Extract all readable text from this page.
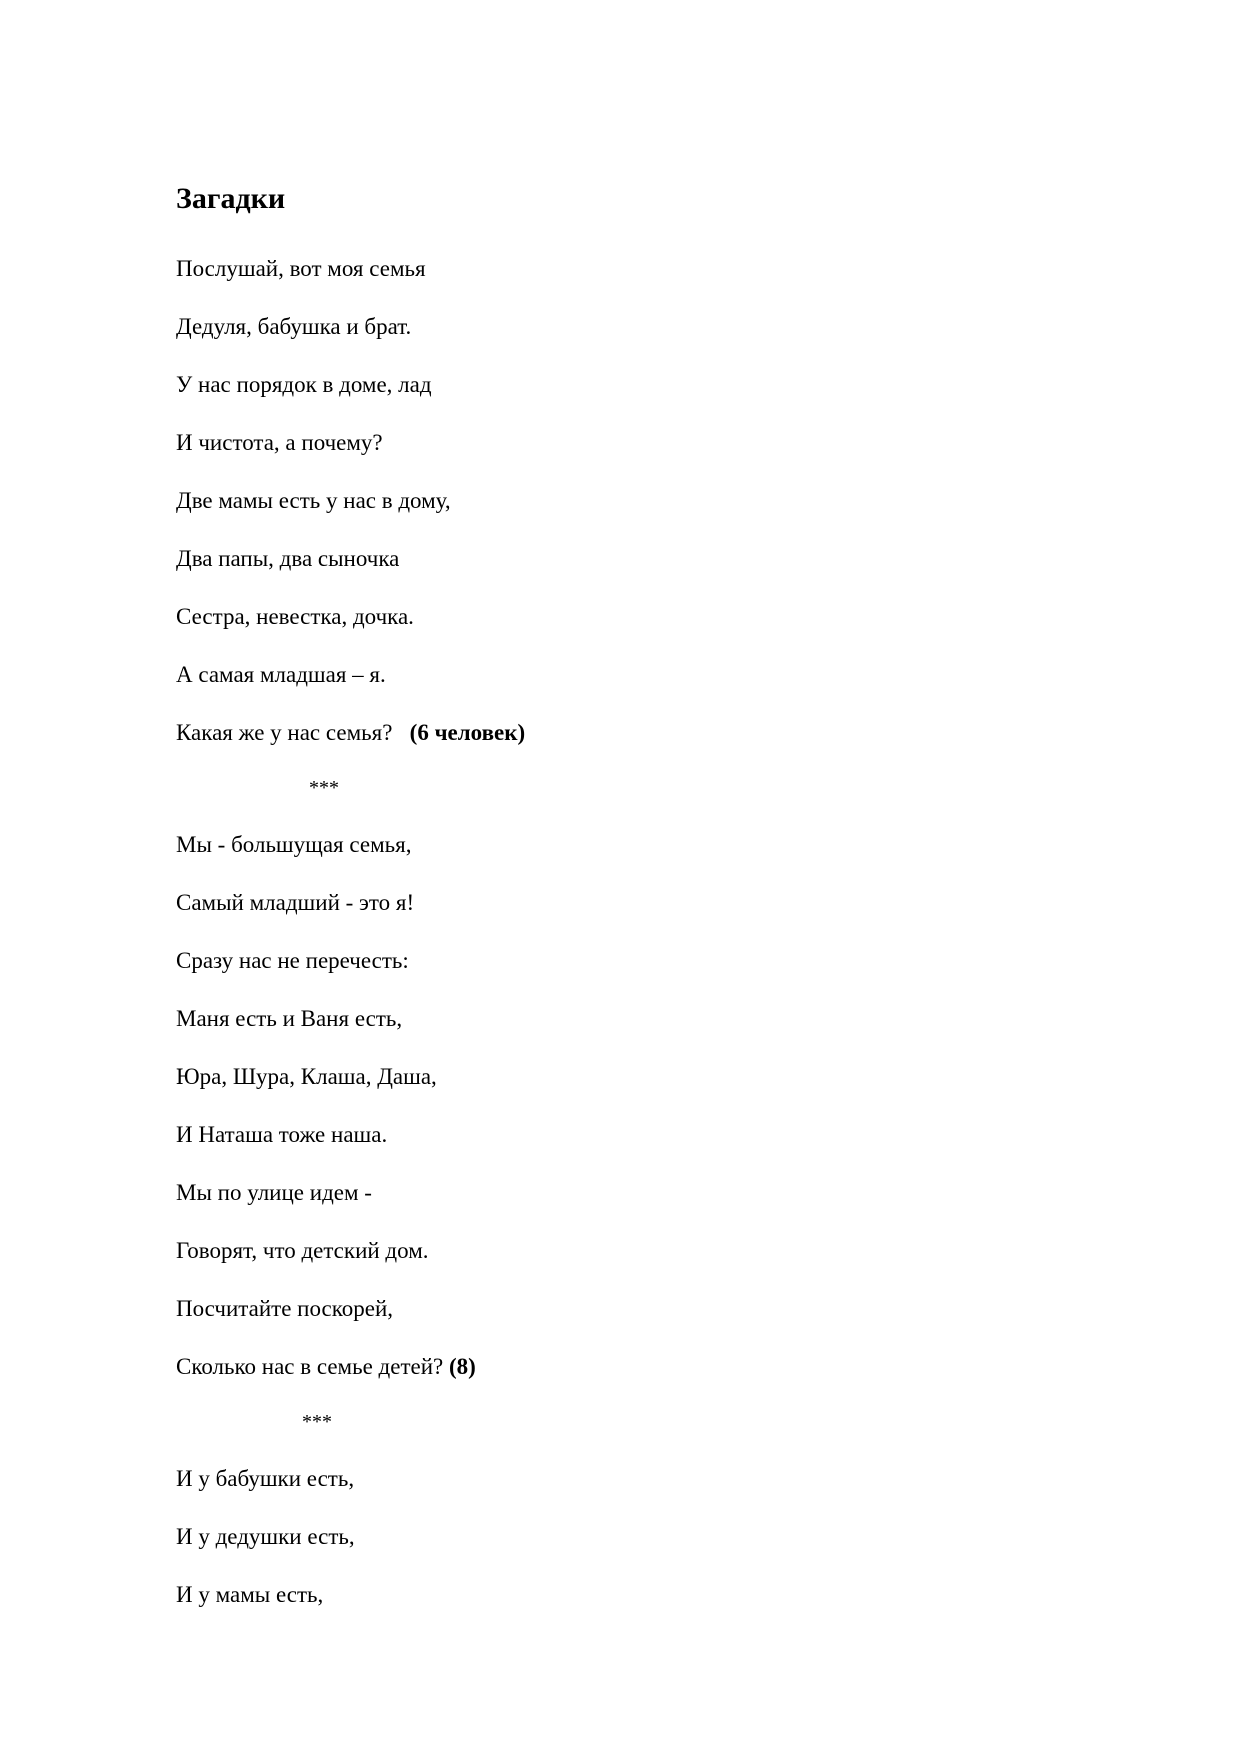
Загадки

Послушай, вот моя семья

Дедуля, бабушка и брат.

У нас порядок в доме, лад

И чистота, а почему?

Две мамы есть у нас в дому,

Два папы, два сыночка

Сестра, невестка, дочка.

А самая младшая – я.

Какая же у нас семья? (6 человек)

***

Мы - большущая семья,

Самый младший - это я!

Сразу нас не перечесть:

Маня есть и Ваня есть,

Юра, Шура, Клаша, Даша,

И Наташа тоже наша.

Мы по улице идем -

Говорят, что детский дом.

Посчитайте поскорей,

Сколько нас в семье детей? (8)

***

И у бабушки есть,

И у дедушки есть,

И у мамы есть,
